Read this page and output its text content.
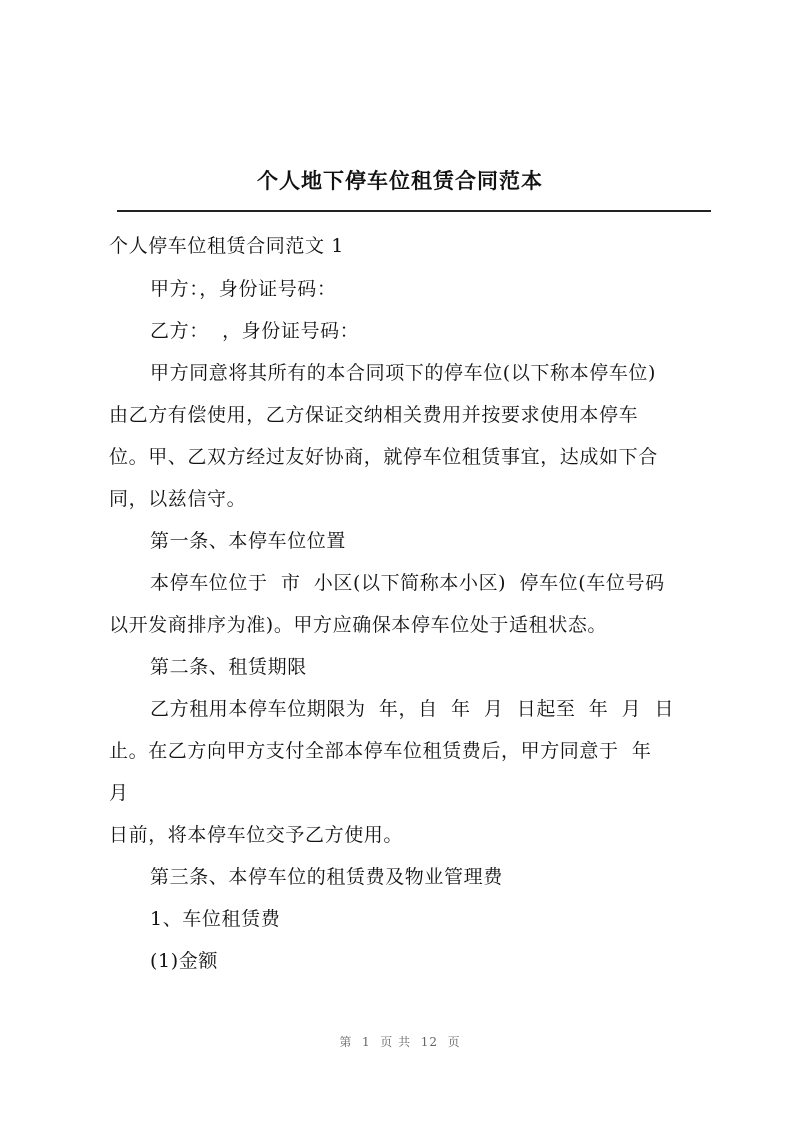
个人地下停车位租赁合同范本
个人停车位租赁合同范文 1
甲方：，身份证号码：
乙方：  ，身份证号码：
甲方同意将其所有的本合同项下的停车位(以下称本停车位)
由乙方有偿使用，乙方保证交纳相关费用并按要求使用本停车
位。甲、乙双方经过友好协商，就停车位租赁事宜，达成如下合
同，以兹信守。
第一条、本停车位位置
本停车位位于  市  小区(以下简称本小区)  停车位(车位号码
以开发商排序为准)。甲方应确保本停车位处于适租状态。
第二条、租赁期限
乙方租用本停车位期限为  年，自  年  月  日起至  年  月  日
止。在乙方向甲方支付全部本停车位租赁费后，甲方同意于  年
月
日前，将本停车位交予乙方使用。
第三条、本停车位的租赁费及物业管理费
1、车位租赁费
(1)金额
第  1  页 共  12  页
